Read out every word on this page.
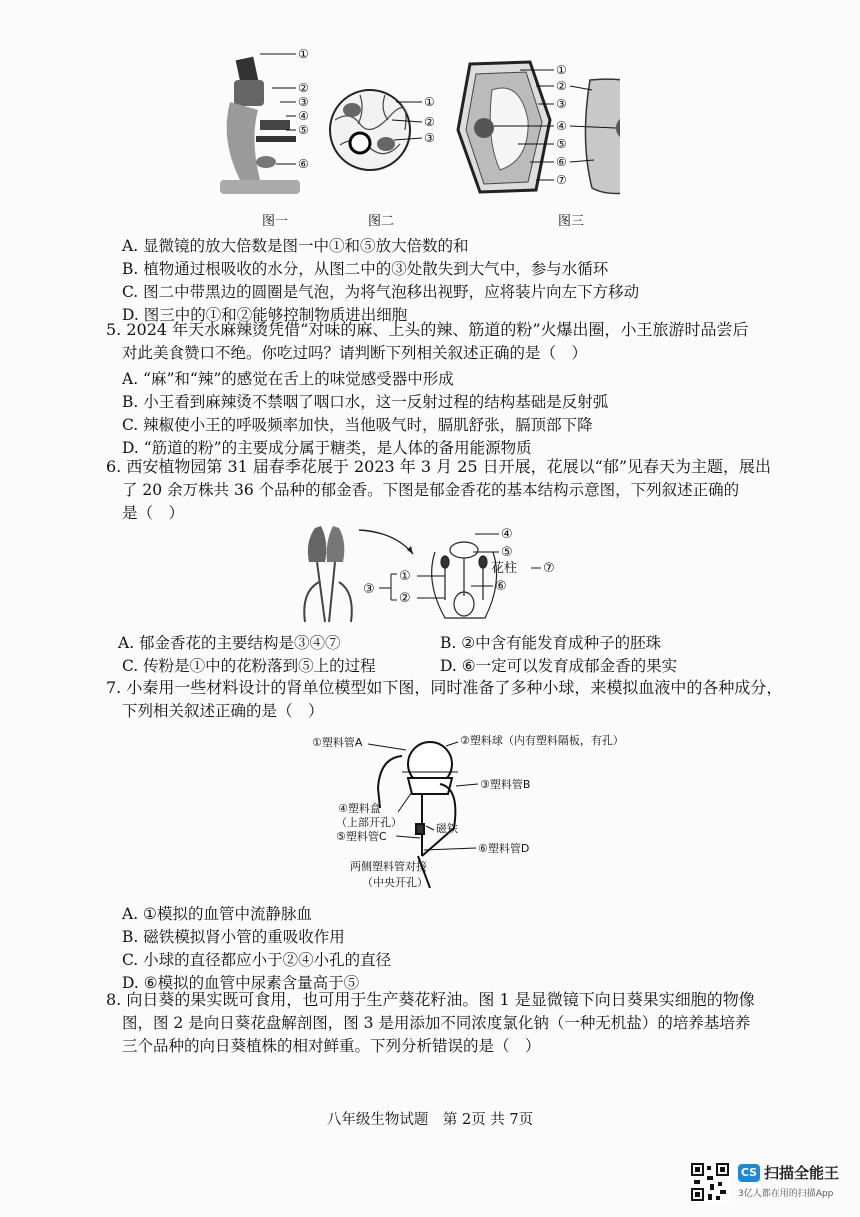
①
②
③
④
⑤
⑥
①
②
③
①
②
③
④
⑤
⑥
⑦
图一	图二	图三
A. 显微镜的放大倍数是图一中①和⑤放大倍数的和
B. 植物通过根吸收的水分，从图二中的③处散失到大气中，参与水循环
C. 图二中带黑边的圆圈是气泡，为将气泡移出视野，应将装片向左下方移动
D. 图三中的①和②能够控制物质进出细胞
5. 2024 年天水麻辣烫凭借“对味的麻、上头的辣、筋道的粉”火爆出圈，小王旅游时品尝后
对此美食赞口不绝。你吃过吗？请判断下列相关叙述正确的是（　）
A. “麻”和“辣”的感觉在舌上的味觉感受器中形成
B. 小王看到麻辣烫不禁咽了咽口水，这一反射过程的结构基础是反射弧
C. 辣椒使小王的呼吸频率加快，当他吸气时，膈肌舒张，膈顶部下降
D. “筋道的粉”的主要成分属于糖类，是人体的备用能源物质
6. 西安植物园第 31 届春季花展于 2023 年 3 月 25 日开展，花展以“郁”见春天为主题，展出
了 20 余万株共 36 个品种的郁金香。下图是郁金香花的基本结构示意图，下列叙述正确的
是（　）
④
⑤
①
③
②
⑥
花柱 ⑦
A. 郁金香花的主要结构是③④⑦	B. ②中含有能发育成种子的胚珠
C. 传粉是①中的花粉落到⑤上的过程	D. ⑥一定可以发育成郁金香的果实
7. 小秦用一些材料设计的肾单位模型如下图，同时准备了多种小球，来模拟血液中的各种成分，
下列相关叙述正确的是（　）
①塑料管A	②塑料球（内有塑料隔板，有孔）
③塑料管B
④塑料盒
（上部开孔）
⑤塑料管C
磁铁
⑥塑料管D
两侧塑料管对接
（中央开孔）
A. ①模拟的血管中流静脉血
B. 磁铁模拟肾小管的重吸收作用
C. 小球的直径都应小于②④小孔的直径
D. ⑥模拟的血管中尿素含量高于⑤
8. 向日葵的果实既可食用，也可用于生产葵花籽油。图 1 是显微镜下向日葵果实细胞的物像
图，图 2 是向日葵花盘解剖图，图 3 是用添加不同浓度氯化钠（一种无机盐）的培养基培养
三个品种的向日葵植株的相对鲜重。下列分析错误的是（　）
八年级生物试题　第 2页 共 7页
CS 扫描全能王
3亿人都在用的扫描App
